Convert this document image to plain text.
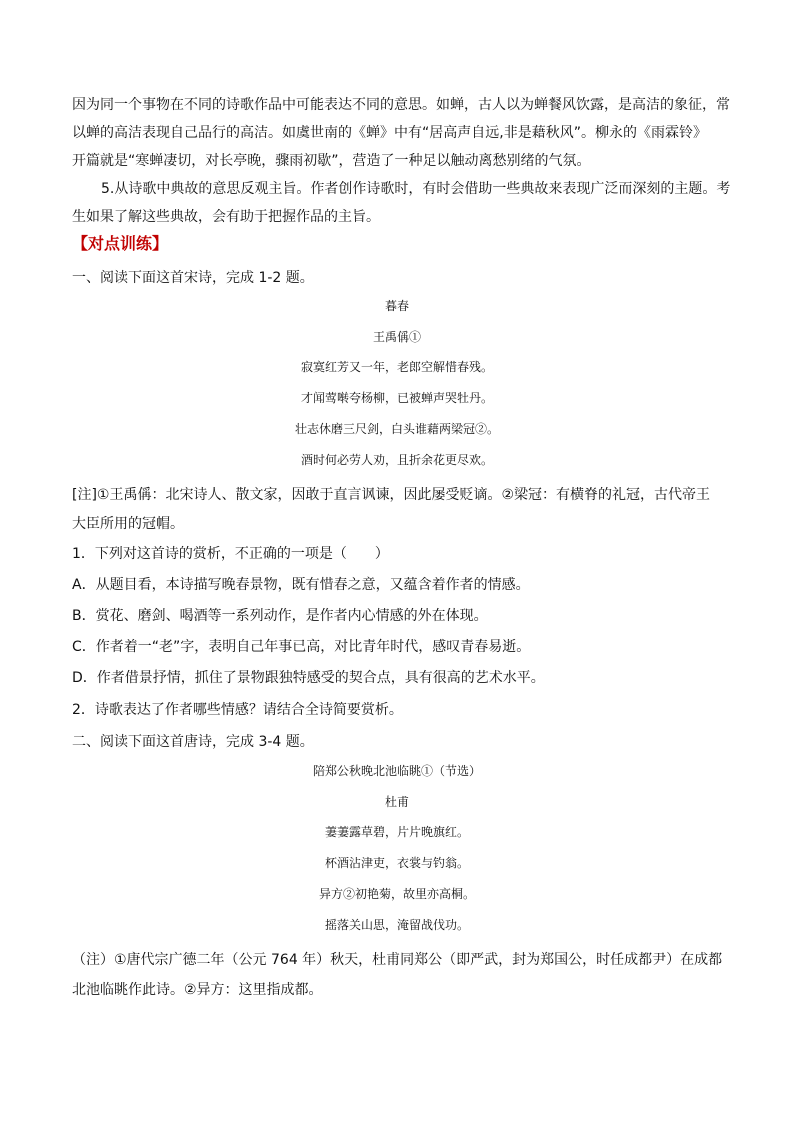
因为同一个事物在不同的诗歌作品中可能表达不同的意思。如蝉，古人以为蝉餐风饮露，是高洁的象征，常
以蝉的高洁表现自己品行的高洁。如虞世南的《蝉》中有“居高声自远,非是藉秋风”。柳永的《雨霖铃》
开篇就是“寒蝉凄切，对长亭晚，骤雨初歇”，营造了一种足以触动离愁别绪的气氛。
5.从诗歌中典故的意思反观主旨。作者创作诗歌时，有时会借助一些典故来表现广泛而深刻的主题。考
生如果了解这些典故，会有助于把握作品的主旨。
【对点训练】
一、阅读下面这首宋诗，完成 1-2 题。
暮春
王禹偁①
寂寞红芳又一年，老郎空解惜春残。
才闻莺啭夸杨柳，已被蝉声哭牡丹。
壮志休磨三尺剑，白头谁藉两梁冠②。
酒时何必劳人劝，且折余花更尽欢。
[注]①王禹偁：北宋诗人、散文家，因敢于直言讽谏，因此屡受贬谪。②梁冠：有横脊的礼冠，古代帝王
大臣所用的冠帽。
1．下列对这首诗的赏析，不正确的一项是（　　）
A．从题目看，本诗描写晚春景物，既有惜春之意，又蕴含着作者的情感。
B．赏花、磨剑、喝酒等一系列动作，是作者内心情感的外在体现。
C．作者着一“老”字，表明自己年事已高，对比青年时代，感叹青春易逝。
D．作者借景抒情，抓住了景物跟独特感受的契合点，具有很高的艺术水平。
2．诗歌表达了作者哪些情感？请结合全诗简要赏析。
二、阅读下面这首唐诗，完成 3-4 题。
陪郑公秋晚北池临眺①（节选）
杜甫
萋萋露草碧，片片晚旗红。
杯酒沾津吏，衣裳与钓翁。
异方②初艳菊，故里亦高桐。
摇落关山思，淹留战伐功。
（注）①唐代宗广德二年（公元 764 年）秋天，杜甫同郑公（即严武，封为郑国公，时任成都尹）在成都
北池临眺作此诗。②异方：这里指成都。
